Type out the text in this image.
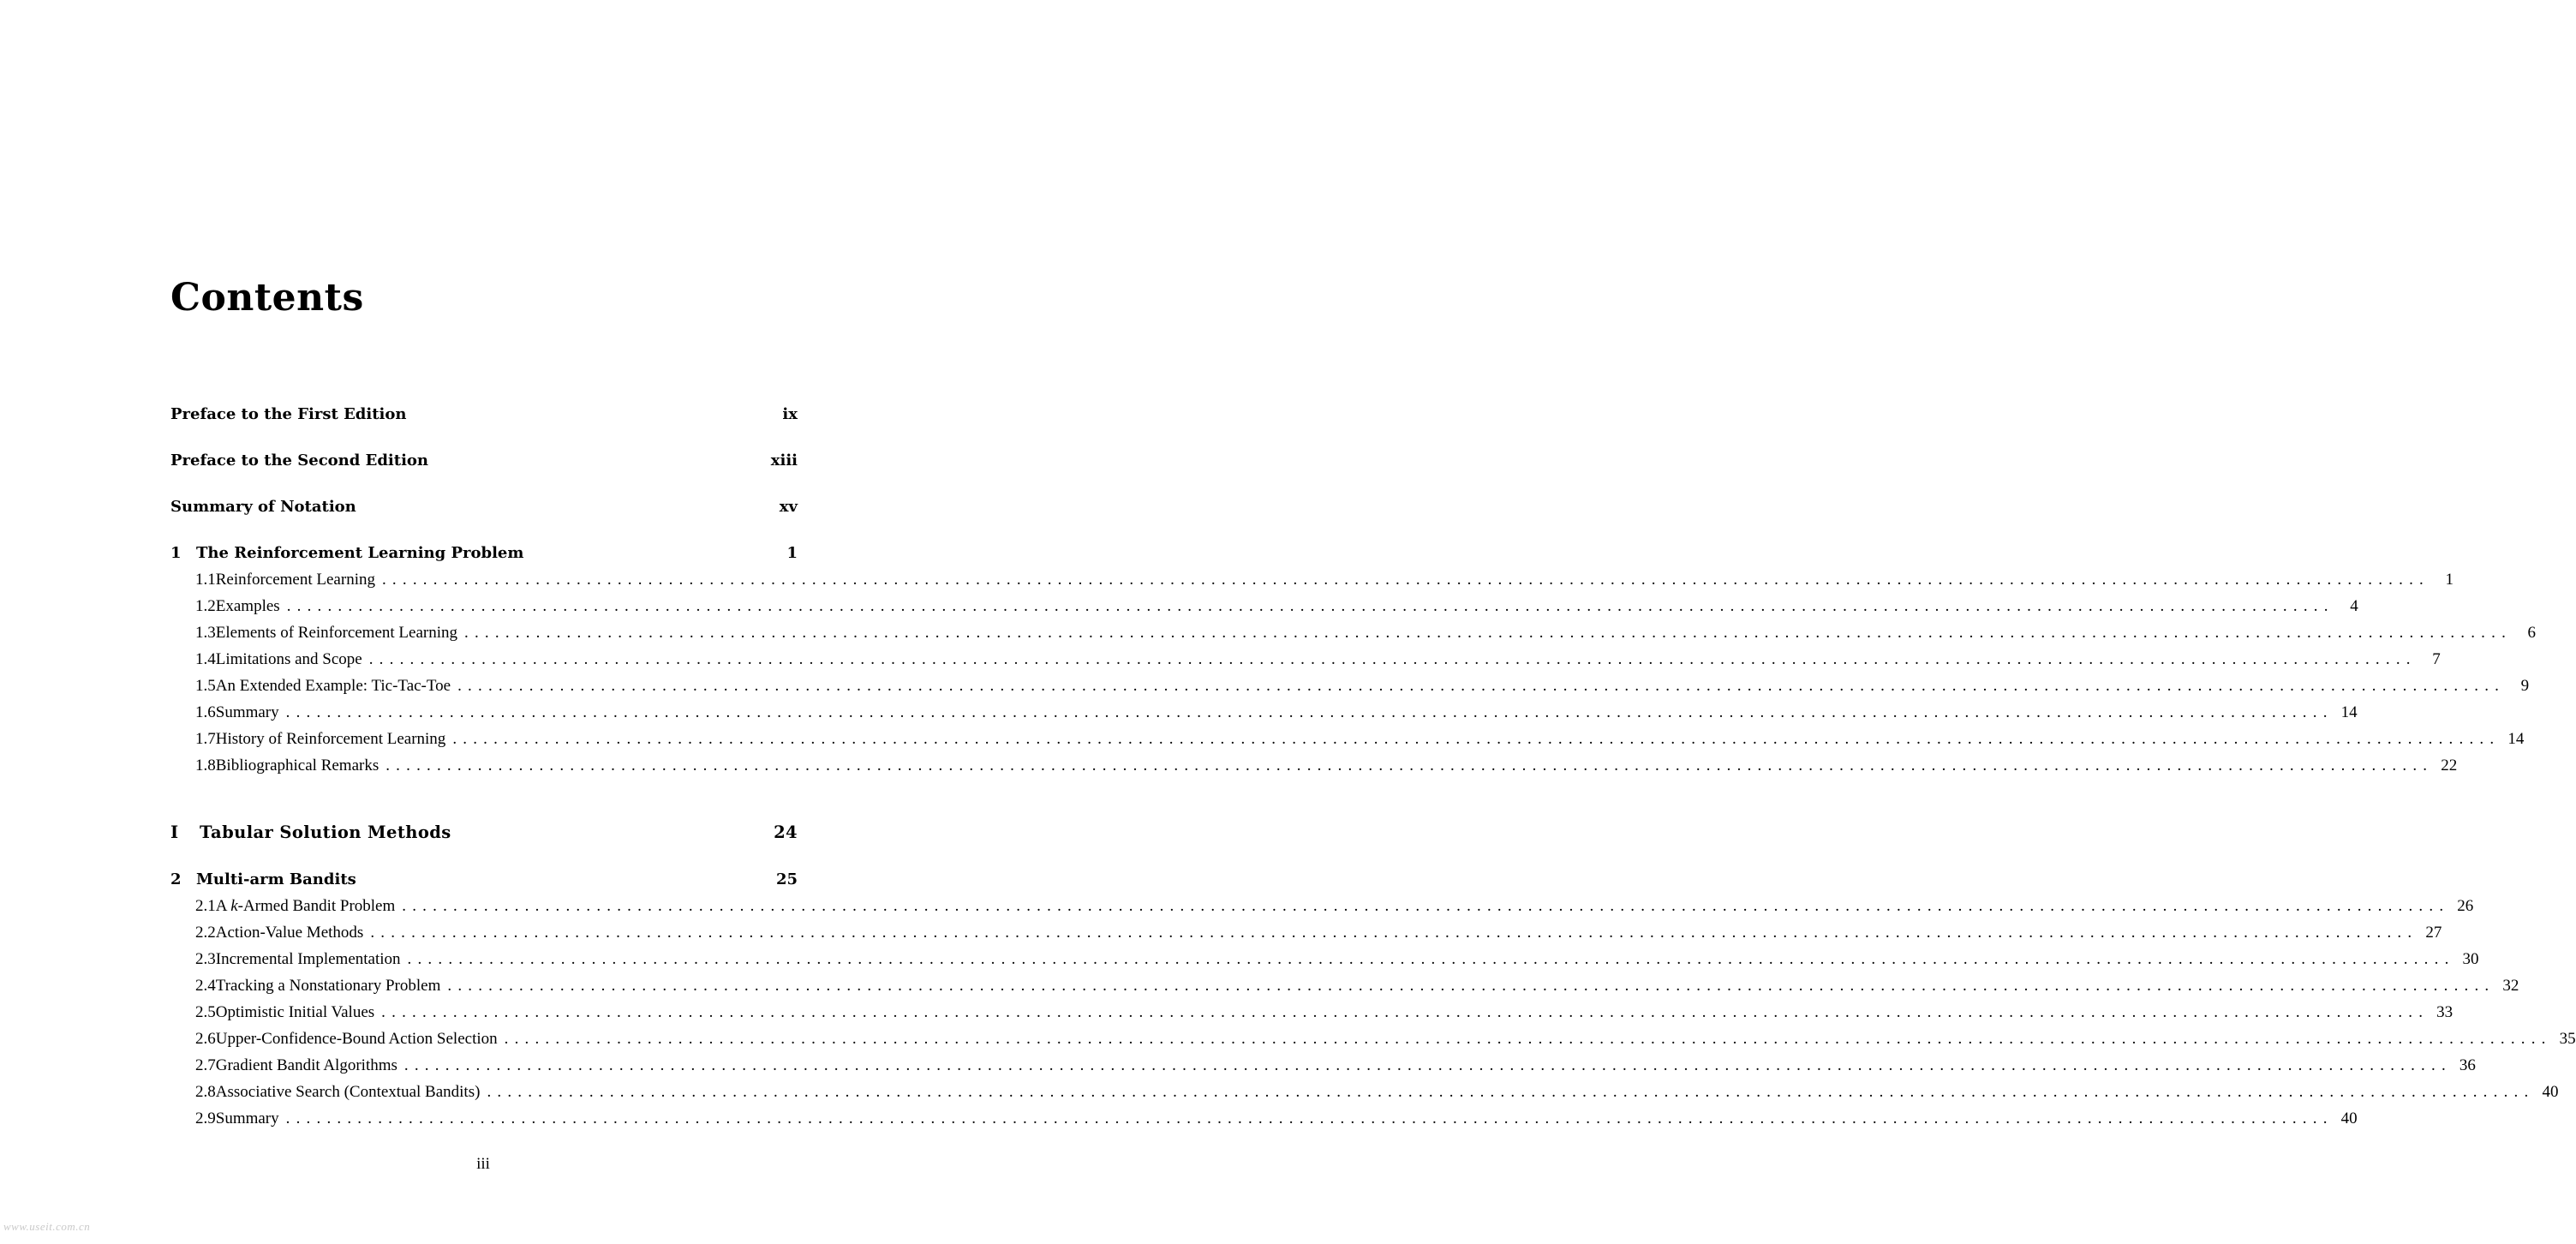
Contents
Preface to the First Edition	ix
Preface to the Second Edition	xiii
Summary of Notation	xv
1 The Reinforcement Learning Problem	1
1.1 Reinforcement Learning ........................................................................................................................................................................................................ 1
1.2 Examples ........................................................................................................................................................................................................ 4
1.3 Elements of Reinforcement Learning ........................................................................................................................................................................................................ 6
1.4 Limitations and Scope ........................................................................................................................................................................................................ 7
1.5 An Extended Example: Tic-Tac-Toe ........................................................................................................................................................................................................ 9
1.6 Summary ........................................................................................................................................................................................................ 14
1.7 History of Reinforcement Learning ........................................................................................................................................................................................................ 14
1.8 Bibliographical Remarks ........................................................................................................................................................................................................ 22
I	Tabular Solution Methods	24
2 Multi-arm Bandits	25
2.1 A k-Armed Bandit Problem ........................................................................................................................................................................................................ 26
2.2 Action-Value Methods ........................................................................................................................................................................................................ 27
2.3 Incremental Implementation ........................................................................................................................................................................................................ 30
2.4 Tracking a Nonstationary Problem ........................................................................................................................................................................................................ 32
2.5 Optimistic Initial Values ........................................................................................................................................................................................................ 33
2.6 Upper-Confidence-Bound Action Selection ........................................................................................................................................................................................................ 35
2.7 Gradient Bandit Algorithms ........................................................................................................................................................................................................ 36
2.8 Associative Search (Contextual Bandits) ........................................................................................................................................................................................................ 40
2.9 Summary ........................................................................................................................................................................................................ 40
iii
www.useit.com.cn
